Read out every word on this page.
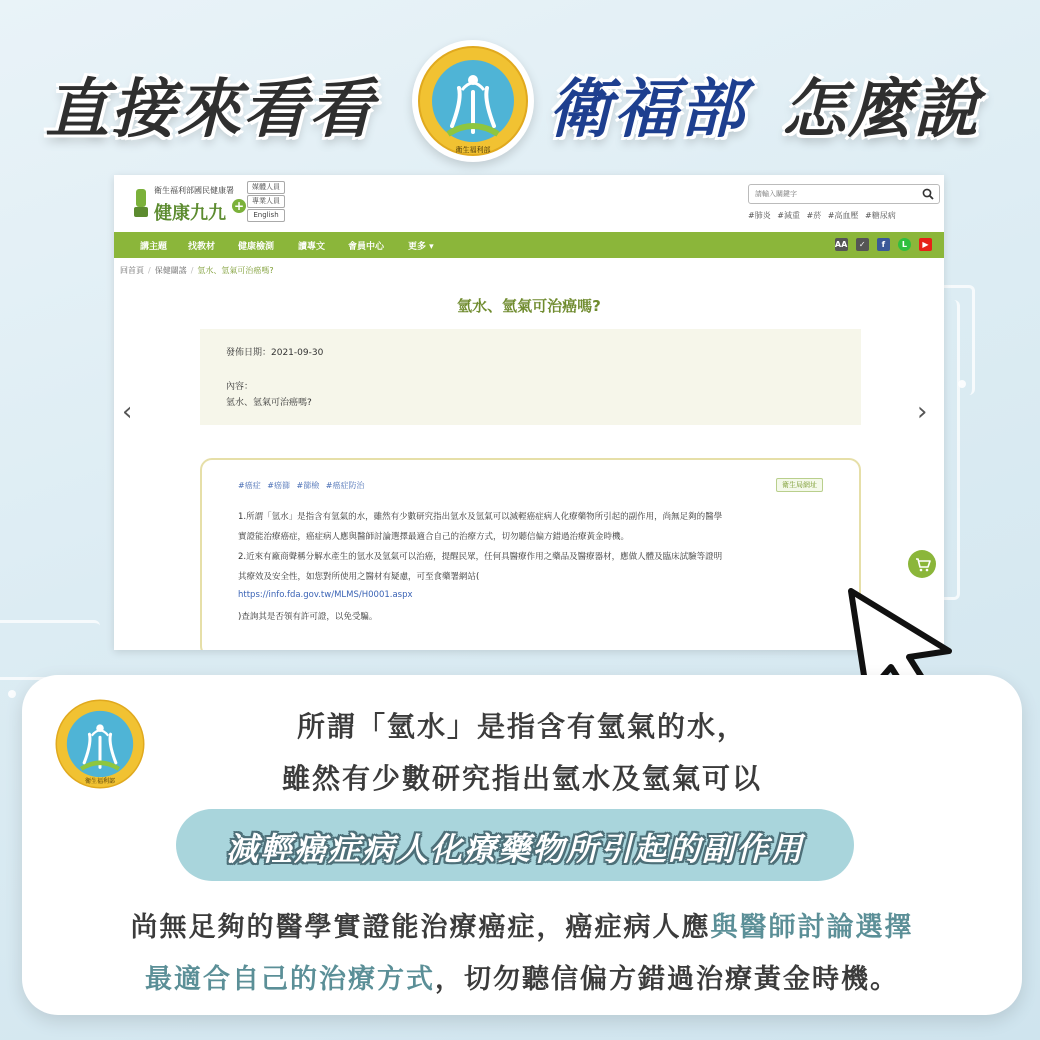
直接來看看
衛生福利部
衛福部 怎麼說
衛生福利部國民健康署
健康九九 +
媒體人員
專業人員
English
請輸入關鍵字	#肺炎 #減重 #菸 #高血壓 #糖尿病
講主題 找教材	健康檢測	讀專文	會員中心	更多 ▾	AA ✓ f L ▶
回首頁 / 保健闢謠 / 氫水、氫氣可治癌嗎?
氫水、氫氣可治癌嗎?
發佈日期：2021-09-30
內容：
氫水、氫氣可治癌嗎?
‹	›
#癌症 #癌篩 #篩檢 #癌症防治	衛生局網址
1.所謂「氫水」是指含有氫氣的水，雖然有少數研究指出氫水及氫氣可以減輕癌症病人化療藥物所引起的副作用，尚無足夠的醫學
實證能治療癌症，癌症病人應與醫師討論選擇最適合自己的治療方式，切勿聽信偏方錯過治療黃金時機。
2.近來有廠商聲稱分解水產生的氫水及氫氣可以治癌，提醒民眾，任何具醫療作用之藥品及醫療器材，應做人體及臨床試驗等證明
其療效及安全性，如您對所使用之醫材有疑慮，可至食藥署網站(
https://info.fda.gov.tw/MLMS/H0001.aspx
)查詢其是否領有許可證，以免受騙。
衛生福利部
所謂「氫水」是指含有氫氣的水，
雖然有少數研究指出氫水及氫氣可以
減輕癌症病人化療藥物所引起的副作用
尚無足夠的醫學實證能治療癌症，癌症病人應與醫師討論選擇
最適合自己的治療方式，切勿聽信偏方錯過治療黃金時機。
